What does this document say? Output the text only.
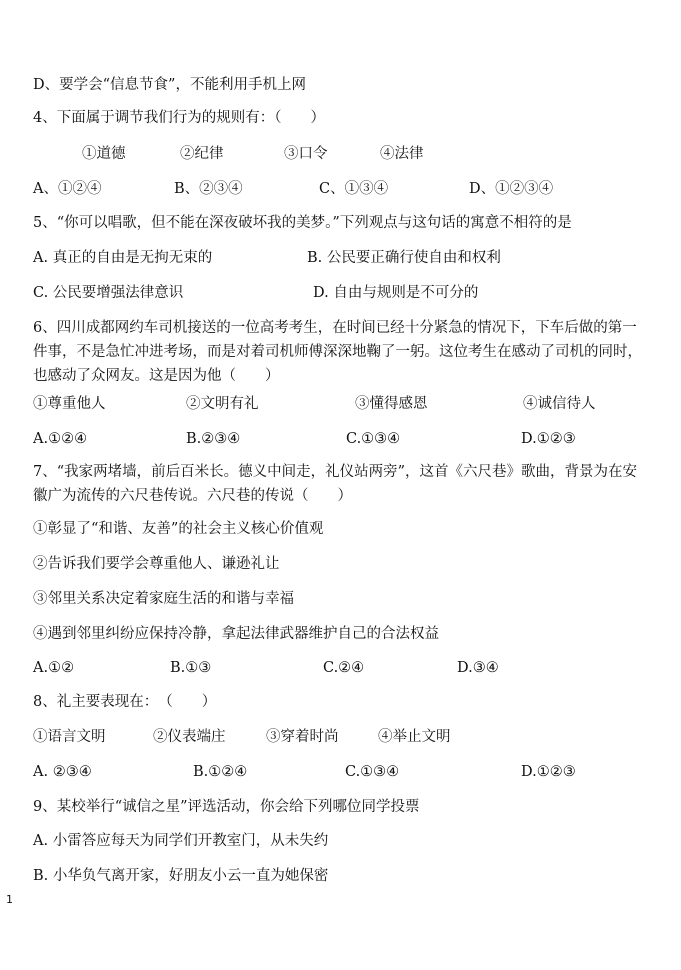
D、要学会“信息节食”，不能利用手机上网
4、下面属于调节我们行为的规则有：（　　）
①道德	②纪律	③口令	④法律
A、①②④	B、②③④	C、①③④	D、①②③④
5、“你可以唱歌，但不能在深夜破坏我的美梦。”下列观点与这句话的寓意不相符的是
A. 真正的自由是无拘无束的	B. 公民要正确行使自由和权利
C. 公民要增强法律意识	D. 自由与规则是不可分的
6、四川成都网约车司机接送的一位高考考生，在时间已经十分紧急的情况下，下车后做的第一件事，不是急忙冲进考场，而是对着司机师傅深深地鞠了一躬。这位考生在感动了司机的同时，也感动了众网友。这是因为他（　　）
①尊重他人	②文明有礼	③懂得感恩	④诚信待人
A.①②④	B.②③④	C.①③④	D.①②③
7、“我家两堵墙，前后百米长。德义中间走，礼仪站两旁”，这首《六尺巷》歌曲，背景为在安徽广为流传的六尺巷传说。六尺巷的传说（　　）
①彰显了“和谐、友善”的社会主义核心价值观
②告诉我们要学会尊重他人、谦逊礼让
③邻里关系决定着家庭生活的和谐与幸福
④遇到邻里纠纷应保持冷静，拿起法律武器维护自己的合法权益
A.①②	B.①③	C.②④	D.③④
8、礼主要表现在：　（　　）
①语言文明	②仪表端庄	③穿着时尚	④举止文明
A. ②③④	B.①②④	C.①③④	D.①②③
9、某校举行“诚信之星”评选活动，你会给下列哪位同学投票
A. 小雷答应每天为同学们开教室门，从未失约
B. 小华负气离开家，好朋友小云一直为她保密
1
